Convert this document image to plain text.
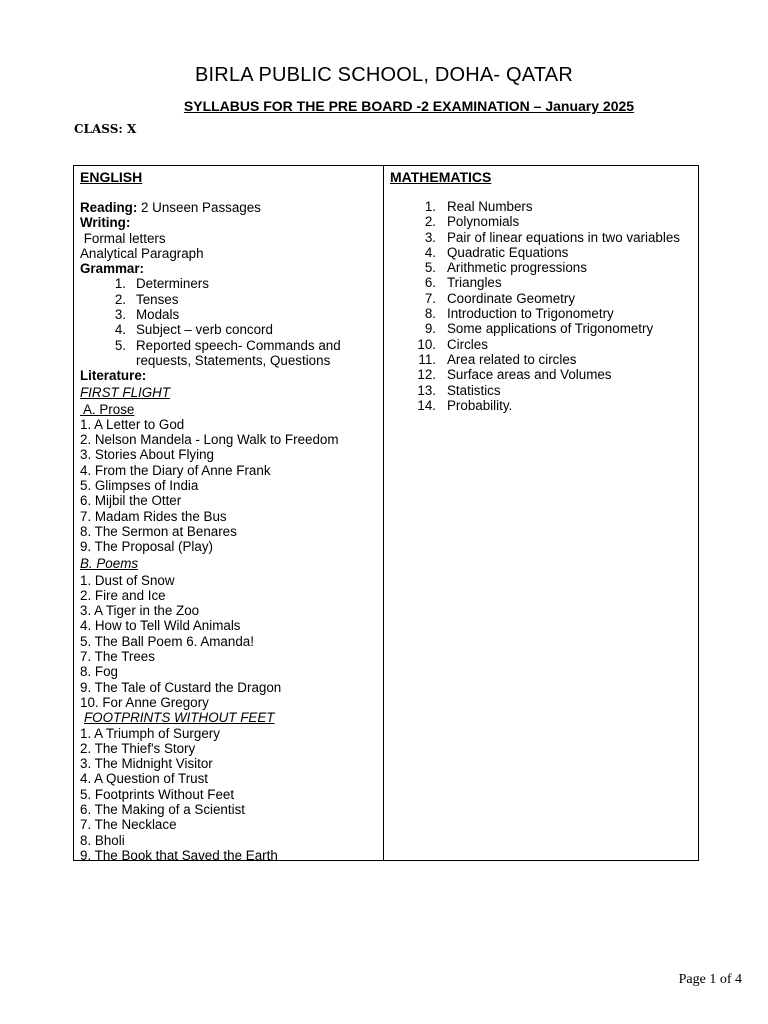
BIRLA PUBLIC SCHOOL, DOHA- QATAR
SYLLABUS FOR THE PRE BOARD -2 EXAMINATION – January 2025
CLASS: X
ENGLISH
Reading: 2 Unseen Passages
Writing:
Formal letters
Analytical Paragraph
Grammar:
1. Determiners
2. Tenses
3. Modals
4. Subject – verb concord
5. Reported speech- Commands and
requests, Statements, Questions
Literature:
FIRST FLIGHT
A. Prose
1. A Letter to God
2. Nelson Mandela - Long Walk to Freedom
3. Stories About Flying
4. From the Diary of Anne Frank
5. Glimpses of India
6. Mijbil the Otter
7. Madam Rides the Bus
8. The Sermon at Benares
9. The Proposal (Play)
B. Poems
1. Dust of Snow
2. Fire and Ice
3. A Tiger in the Zoo
4. How to Tell Wild Animals
5. The Ball Poem 6. Amanda!
7. The Trees
8. Fog
9. The Tale of Custard the Dragon
10. For Anne Gregory
FOOTPRINTS WITHOUT FEET
1. A Triumph of Surgery
2. The Thief's Story
3. The Midnight Visitor
4. A Question of Trust
5. Footprints Without Feet
6. The Making of a Scientist
7. The Necklace
8. Bholi
9. The Book that Saved the Earth
MATHEMATICS
1. Real Numbers
2. Polynomials
3. Pair of linear equations in two variables
4. Quadratic Equations
5. Arithmetic progressions
6. Triangles
7. Coordinate Geometry
8. Introduction to Trigonometry
9. Some applications of Trigonometry
10. Circles
11. Area related to circles
12. Surface areas and Volumes
13. Statistics
14. Probability.
Page 1 of 4
